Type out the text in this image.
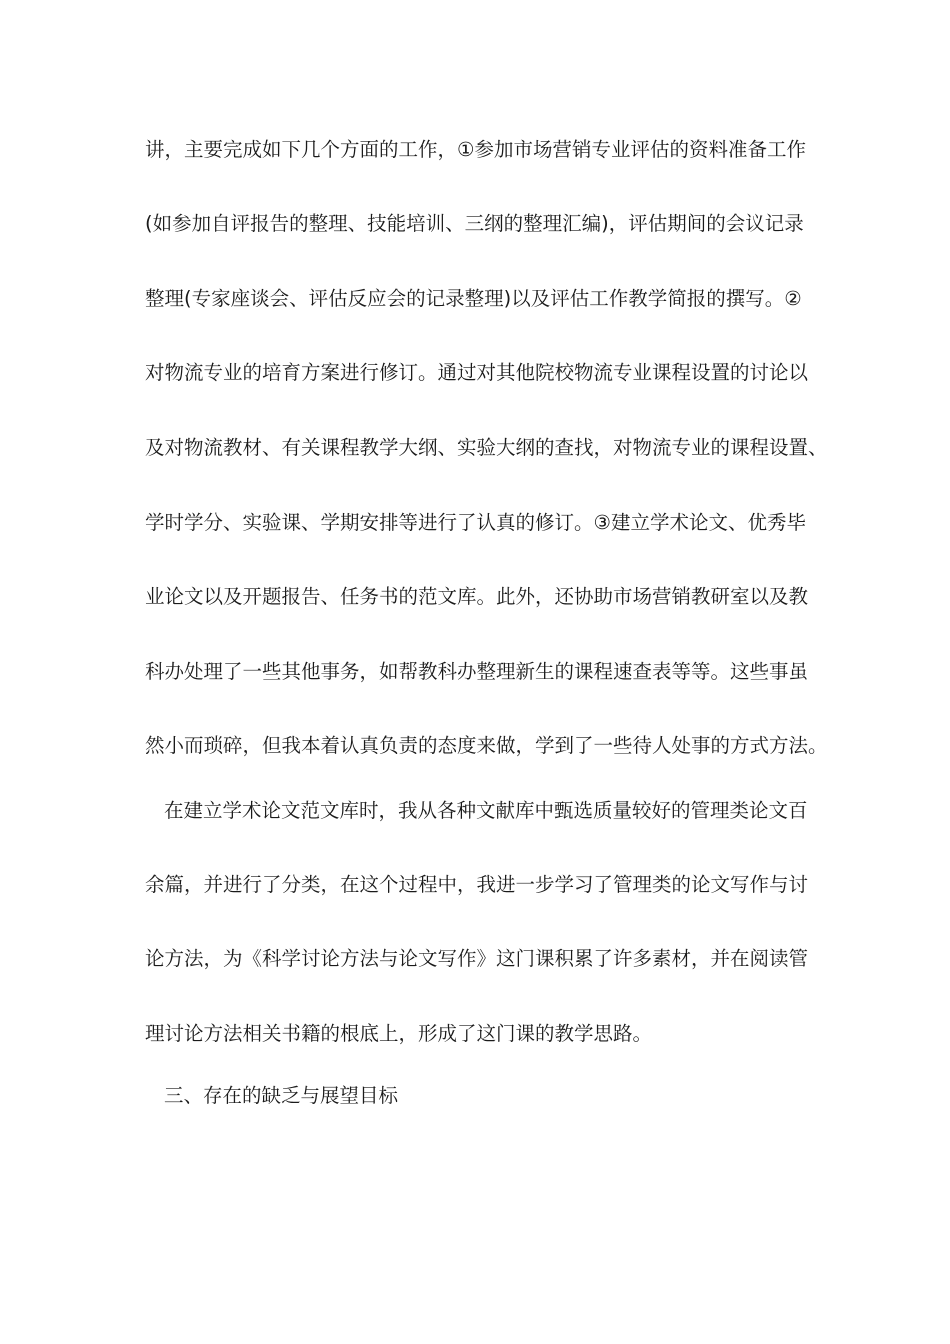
讲，主要完成如下几个方面的工作，①参加市场营销专业评估的资料准备工作
(如参加自评报告的整理、技能培训、三纲的整理汇编)，评估期间的会议记录
整理(专家座谈会、评估反应会的记录整理)以及评估工作教学简报的撰写。②
对物流专业的培育方案进行修订。通过对其他院校物流专业课程设置的讨论以
及对物流教材、有关课程教学大纲、实验大纲的查找，对物流专业的课程设置、
学时学分、实验课、学期安排等进行了认真的修订。③建立学术论文、优秀毕
业论文以及开题报告、任务书的范文库。此外，还协助市场营销教研室以及教
科办处理了一些其他事务，如帮教科办整理新生的课程速查表等等。这些事虽
然小而琐碎，但我本着认真负责的态度来做，学到了一些待人处事的方式方法。
在建立学术论文范文库时，我从各种文献库中甄选质量较好的管理类论文百
余篇，并进行了分类，在这个过程中，我进一步学习了管理类的论文写作与讨
论方法，为《科学讨论方法与论文写作》这门课积累了许多素材，并在阅读管
理讨论方法相关书籍的根底上，形成了这门课的教学思路。
三、存在的缺乏与展望目标
